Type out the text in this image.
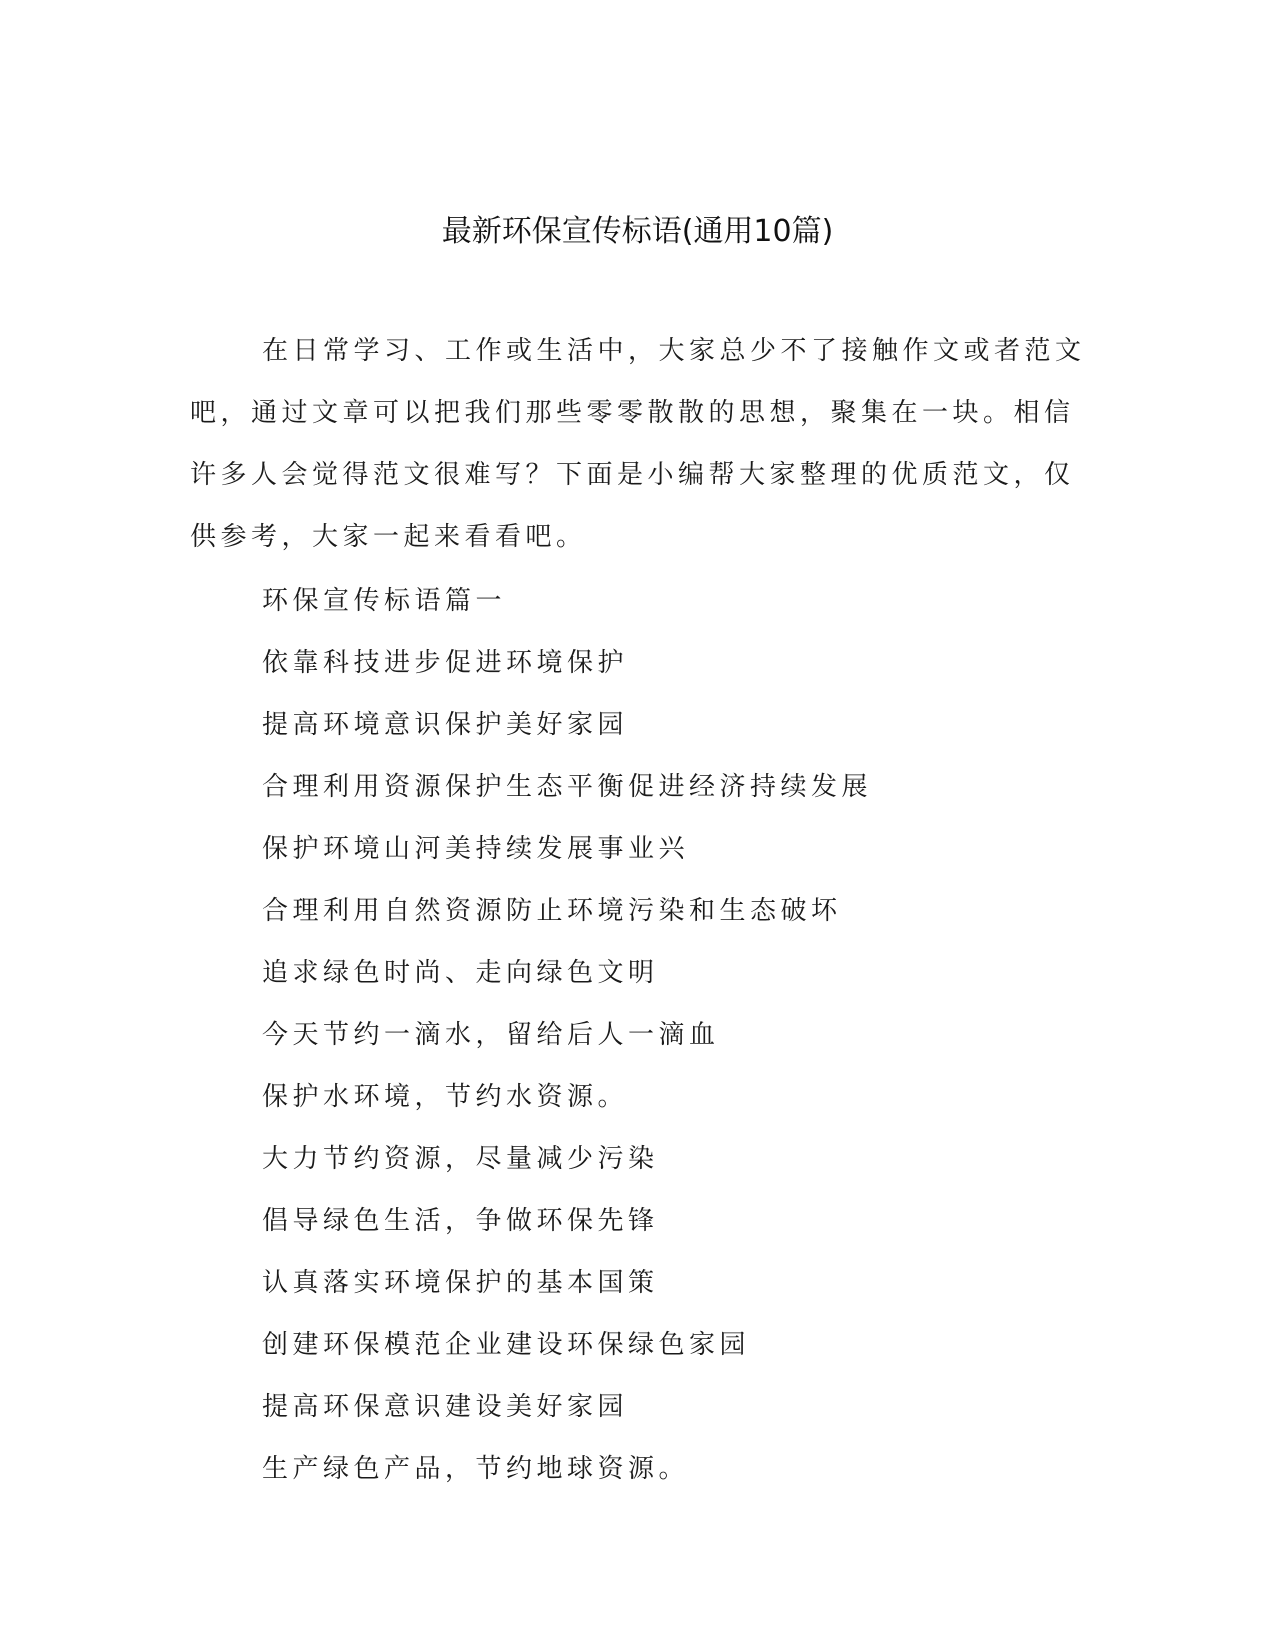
最新环保宣传标语(通用10篇)

在日常学习、工作或生活中，大家总少不了接触作文或者范文吧，通过文章可以把我们那些零零散散的思想，聚集在一块。相信许多人会觉得范文很难写？下面是小编帮大家整理的优质范文，仅供参考，大家一起来看看吧。

环保宣传标语篇一
依靠科技进步促进环境保护
提高环境意识保护美好家园
合理利用资源保护生态平衡促进经济持续发展
保护环境山河美持续发展事业兴
合理利用自然资源防止环境污染和生态破坏
追求绿色时尚、走向绿色文明
今天节约一滴水，留给后人一滴血
保护水环境，节约水资源。
大力节约资源，尽量减少污染
倡导绿色生活，争做环保先锋
认真落实环境保护的基本国策
创建环保模范企业建设环保绿色家园
提高环保意识建设美好家园
生产绿色产品，节约地球资源。
